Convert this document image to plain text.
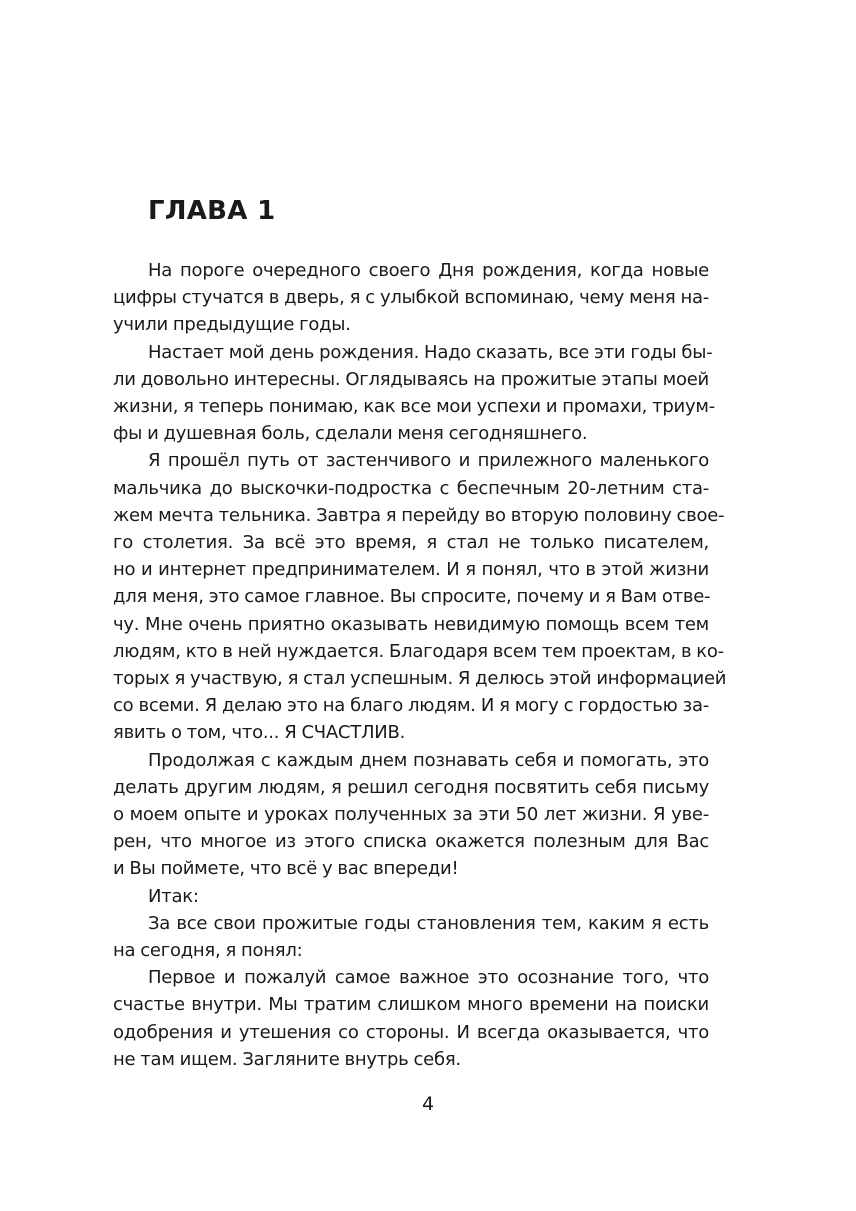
ГЛАВА 1

На пороге очередного своего Дня рождения, когда новые
цифры стучатся в дверь, я с улыбкой вспоминаю, чему меня на-
учили предыдущие годы.

Настает мой день рождения. Надо сказать, все эти годы бы-
ли довольно интересны. Оглядываясь на прожитые этапы моей
жизни, я теперь понимаю, как все мои успехи и промахи, триум-
фы и душевная боль, сделали меня сегодняшнего.

Я прошёл путь от застенчивого и прилежного маленького
мальчика до выскочки-подростка с беспечным 20-летним ста-
жем мечта тельника. Завтра я перейду во вторую половину свое-
го столетия. За всё это время, я стал не только писателем,
но и интернет предпринимателем. И я понял, что в этой жизни
для меня, это самое главное. Вы спросите, почему и я Вам отве-
чу. Мне очень приятно оказывать невидимую помощь всем тем
людям, кто в ней нуждается. Благодаря всем тем проектам, в ко-
торых я участвую, я стал успешным. Я делюсь этой информацией
со всеми. Я делаю это на благо людям. И я могу с гордостью за-
явить о том, что... Я СЧАСТЛИВ.

Продолжая с каждым днем познавать себя и помогать, это
делать другим людям, я решил сегодня посвятить себя письму
о моем опыте и уроках полученных за эти 50 лет жизни. Я уве-
рен, что многое из этого списка окажется полезным для Вас
и Вы поймете, что всё у вас впереди!

Итак:

За все свои прожитые годы становления тем, каким я есть
на сегодня, я понял:

Первое и пожалуй самое важное это осознание того, что
счастье внутри. Мы тратим слишком много времени на поиски
одобрения и утешения со стороны. И всегда оказывается, что
не там ищем. Загляните внутрь себя.

4
